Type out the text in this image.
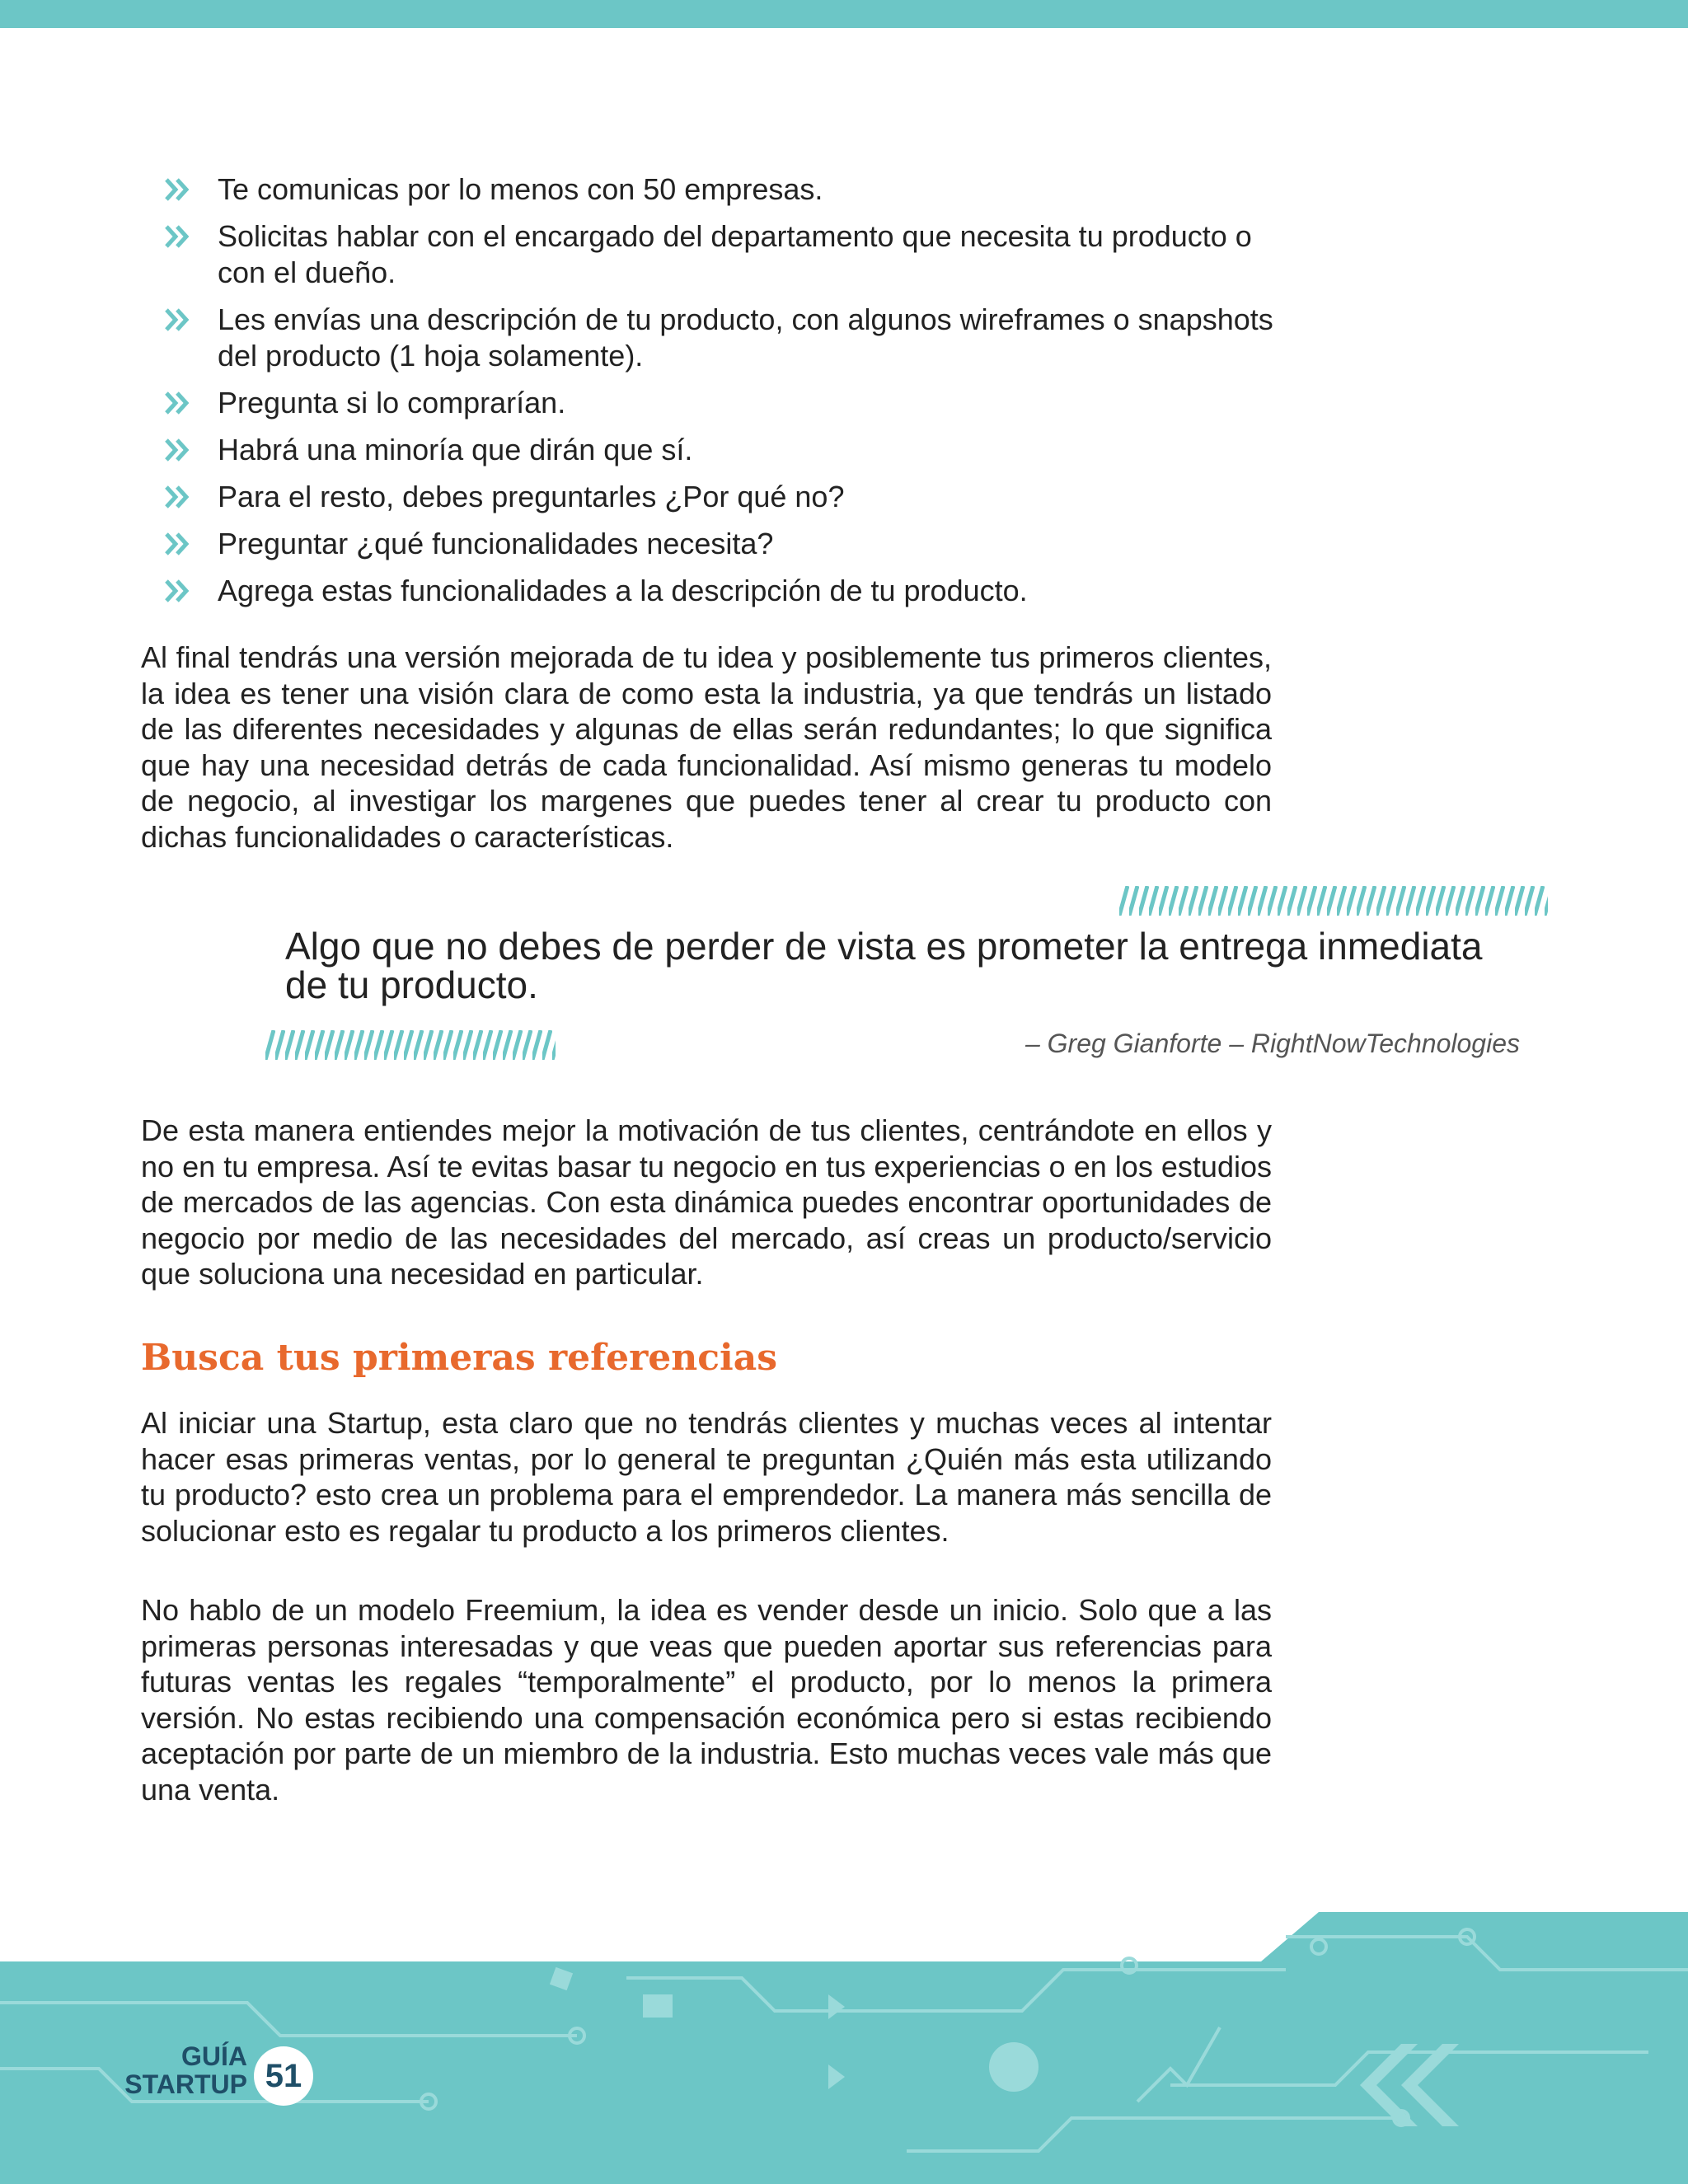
Te comunicas por lo menos con 50 empresas.
Solicitas hablar con el encargado del departamento que necesita tu producto o con el dueño.
Les envías una descripción de tu producto, con algunos wireframes o snapshots del producto (1 hoja solamente).
Pregunta si lo comprarían.
Habrá una minoría que dirán que sí.
Para el resto, debes preguntarles ¿Por qué no?
Preguntar ¿qué funcionalidades necesita?
Agrega estas funcionalidades a la descripción de tu producto.

Al final tendrás una versión mejorada de tu idea y posiblemente tus primeros clientes, la idea es tener una visión clara de como esta la industria, ya que tendrás un listado de las diferentes necesidades y algunas de ellas serán redundantes; lo que significa que hay una necesidad detrás de cada funcionalidad. Así mismo generas tu modelo de negocio, al investigar los margenes que puedes tener al crear tu producto con dichas funcionalidades o características.

Algo que no debes de perder de vista es prometer la entrega inmediata de tu producto.

– Greg Gianforte – RightNowTechnologies

De esta manera entiendes mejor la motivación de tus clientes, centrándote en ellos y no en tu empresa. Así te evitas basar tu negocio en tus experiencias o en los estudios de mercados de las agencias. Con esta dinámica puedes encontrar oportunidades de negocio por medio de las necesidades del mercado, así creas un producto/servicio que soluciona una necesidad en particular.

Busca tus primeras referencias

Al iniciar una Startup, esta claro que no tendrás clientes y muchas veces al intentar hacer esas primeras ventas, por lo general te preguntan ¿Quién más esta utilizando tu producto? esto crea un problema para el emprendedor. La manera más sencilla de solucionar esto es regalar tu producto a los primeros clientes.

No hablo de un modelo Freemium, la idea es vender desde un inicio. Solo que a las primeras personas interesadas y que veas que pueden aportar sus referencias para futuras ventas les regales “temporalmente” el producto, por lo menos la primera versión. No estas recibiendo una compensación económica pero si estas recibiendo aceptación por parte de un miembro de la industria. Esto muchas veces vale más que una venta.

GUÍA
STARTUP 51
